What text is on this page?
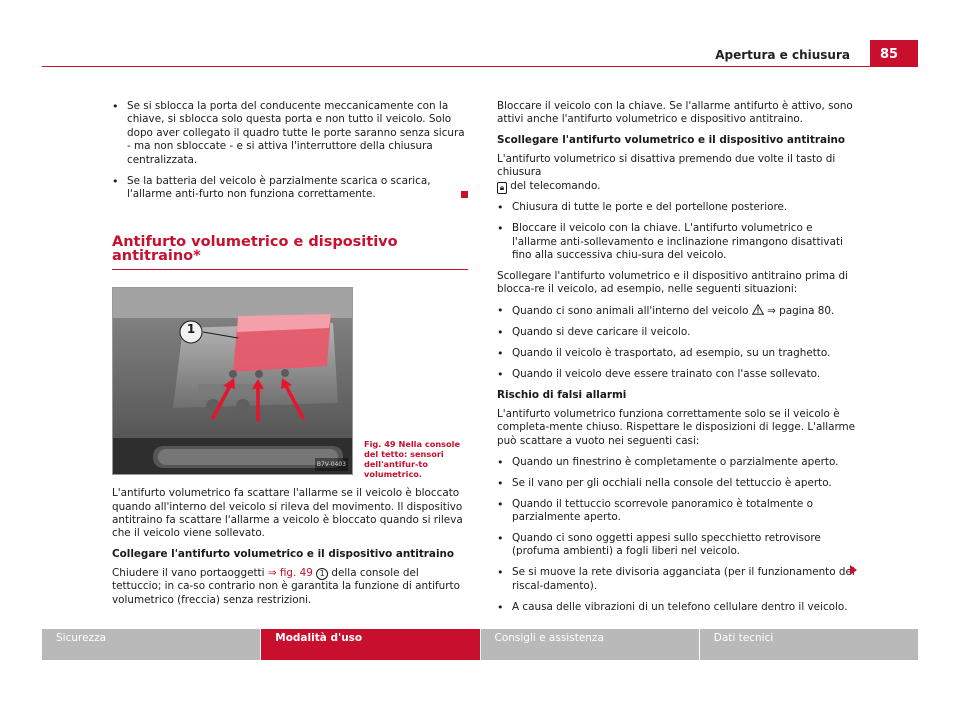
Apertura e chiusura	85

• Se si sblocca la porta del conducente meccanicamente con la chiave, si sblocca solo questa porta e non tutto il veicolo. Solo dopo aver collegato il quadro tutte le porte saranno senza sicura - ma non sbloccate - e si attiva l'interruttore della chiusura centralizzata.

• Se la batteria del veicolo è parzialmente scarica o scarica, l'allarme anti-furto non funziona correttamente.

Antifurto volumetrico e dispositivo antitraino*
1
B7V-0403
Fig. 49 Nella console del tetto: sensori dell'antifur-to volumetrico.

L'antifurto volumetrico fa scattare l'allarme se il veicolo è bloccato quando all'interno del veicolo si rileva del movimento. Il dispositivo antitraino fa scattare l'allarme a veicolo è bloccato quando si rileva che il veicolo viene sollevato.

Collegare l'antifurto volumetrico e il dispositivo antitraino

Chiudere il vano portaoggetti ⇒ fig. 49 1 della console del tettuccio; in ca-so contrario non è garantita la funzione di antifurto volumetrico (freccia) senza restrizioni.

Bloccare il veicolo con la chiave. Se l'allarme antifurto è attivo, sono attivi anche l'antifurto volumetrico e dispositivo antitraino.

Scollegare l'antifurto volumetrico e il dispositivo antitraino

L'antifurto volumetrico si disattiva premendo due volte il tasto di chiusura
🔒︎ del telecomando.

• Chiusura di tutte le porte e del portellone posteriore.

• Bloccare il veicolo con la chiave. L'antifurto volumetrico e l'allarme anti-sollevamento e inclinazione rimangono disattivati fino alla successiva chiu-sura del veicolo.

Scollegare l'antifurto volumetrico e il dispositivo antitraino prima di blocca-re il veicolo, ad esempio, nelle seguenti situazioni:

• Quando ci sono animali all'interno del veicolo  ⇒ pagina 80.

• Quando si deve caricare il veicolo.

• Quando il veicolo è trasportato, ad esempio, su un traghetto.

• Quando il veicolo deve essere trainato con l'asse sollevato.

Rischio di falsi allarmi

L'antifurto volumetrico funziona correttamente solo se il veicolo è completa-mente chiuso. Rispettare le disposizioni di legge. L'allarme può scattare a vuoto nei seguenti casi:

• Quando un finestrino è completamente o parzialmente aperto.

• Se il vano per gli occhiali nella console del tettuccio è aperto.

• Quando il tettuccio scorrevole panoramico è totalmente o parzialmente aperto.

• Quando ci sono oggetti appesi sullo specchietto retrovisore (profuma ambienti) a fogli liberi nel veicolo.

• Se si muove la rete divisoria agganciata (per il funzionamento del riscal-damento).

• A causa delle vibrazioni di un telefono cellulare dentro il veicolo.

Sicurezza	Modalità d'uso	Consigli e assistenza	Dati tecnici
